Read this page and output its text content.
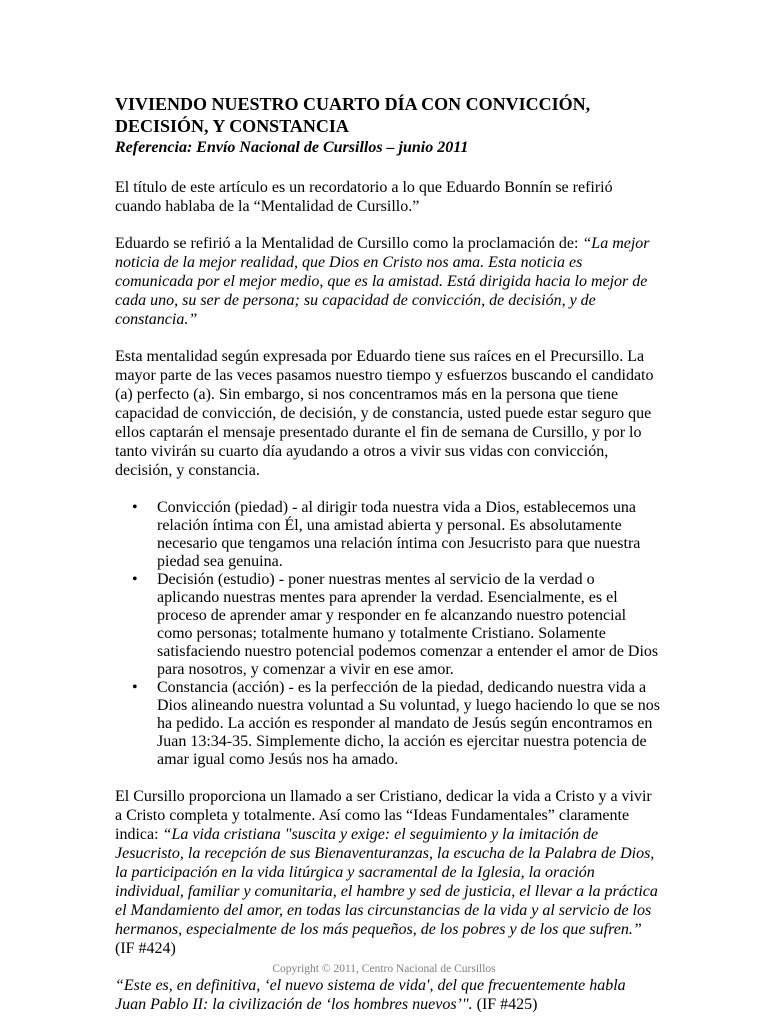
VIVIENDO NUESTRO CUARTO DÍA CON CONVICCIÓN,
DECISIÓN, Y CONSTANCIA
Referencia: Envío Nacional de Cursillos – junio 2011

El título de este artículo es un recordatorio a lo que Eduardo Bonnín se refirió cuando hablaba de la “Mentalidad de Cursillo.”

Eduardo se refirió a la Mentalidad de Cursillo como la proclamación de: “La mejor noticia de la mejor realidad, que Dios en Cristo nos ama. Esta noticia es comunicada por el mejor medio, que es la amistad. Está dirigida hacia lo mejor de cada uno, su ser de persona; su capacidad de convicción, de decisión, y de constancia.”

Esta mentalidad según expresada por Eduardo tiene sus raíces en el Precursillo. La mayor parte de las veces pasamos nuestro tiempo y esfuerzos buscando el candidato (a) perfecto (a). Sin embargo, si nos concentramos más en la persona que tiene capacidad de convicción, de decisión, y de constancia, usted puede estar seguro que ellos captarán el mensaje presentado durante el fin de semana de Cursillo, y por lo tanto vivirán su cuarto día ayudando a otros a vivir sus vidas con convicción, decisión, y constancia.

• Convicción (piedad) - al dirigir toda nuestra vida a Dios, establecemos una relación íntima con Él, una amistad abierta y personal. Es absolutamente necesario que tengamos una relación íntima con Jesucristo para que nuestra piedad sea genuina.
• Decisión (estudio) - poner nuestras mentes al servicio de la verdad o aplicando nuestras mentes para aprender la verdad. Esencialmente, es el proceso de aprender amar y responder en fe alcanzando nuestro potencial como personas; totalmente humano y totalmente Cristiano. Solamente satisfaciendo nuestro potencial podemos comenzar a entender el amor de Dios para nosotros, y comenzar a vivir en ese amor.
• Constancia (acción) - es la perfección de la piedad, dedicando nuestra vida a Dios alineando nuestra voluntad a Su voluntad, y luego haciendo lo que se nos ha pedido. La acción es responder al mandato de Jesús según encontramos en Juan 13:34-35. Simplemente dicho, la acción es ejercitar nuestra potencia de amar igual como Jesús nos ha amado.

El Cursillo proporciona un llamado a ser Cristiano, dedicar la vida a Cristo y a vivir a Cristo completa y totalmente. Así como las “Ideas Fundamentales” claramente indica: “La vida cristiana "suscita y exige: el seguimiento y la imitación de Jesucristo, la recepción de sus Bienaventuranzas, la escucha de la Palabra de Dios, la participación en la vida litúrgica y sacramental de la Iglesia, la oración individual, familiar y comunitaria, el hambre y sed de justicia, el llevar a la práctica el Mandamiento del amor, en todas las circunstancias de la vida y al servicio de los hermanos, especialmente de los más pequeños, de los pobres y de los que sufren.” (IF #424)

“Este es, en definitiva, ‘el nuevo sistema de vida', del que frecuentemente habla Juan Pablo II: la civilización de ‘los hombres nuevos’". (IF #425)

Copyright © 2011, Centro Nacional de Cursillos
